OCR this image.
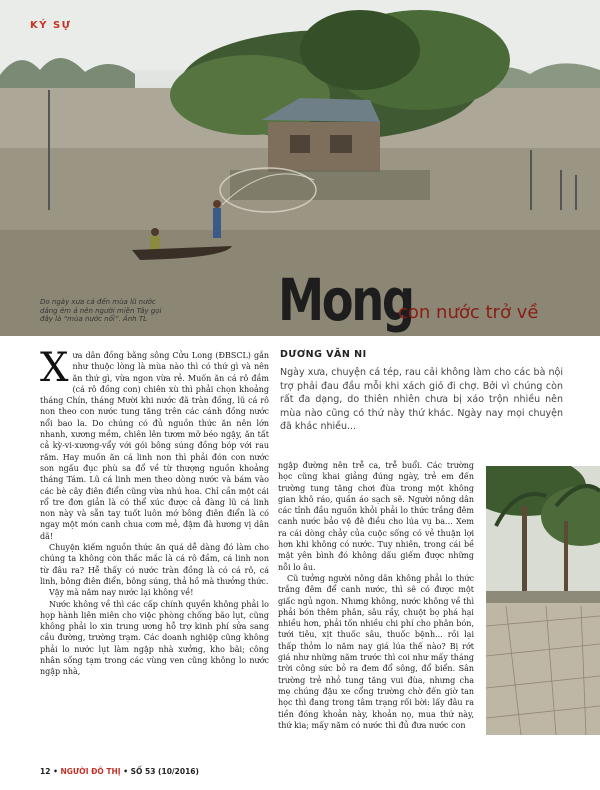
KÝ SỰ
Do ngày xưa cá đến mùa lũ nước dâng êm ả nên người miền Tây gọi đây là “mùa nước nổi”. Ảnh TL Mong
con nước trở về
DƯƠNG VĂN NI
Ngày xưa, chuyện cá tép, rau cải không làm cho các bà nội trợ phải đau đầu mỗi khi xách giỏ đi chợ. Bởi vì chúng còn rất đa dạng, do thiên nhiên chưa bị xáo trộn nhiều nên mùa nào cũng có thứ này thứ khác. Ngày nay mọi chuyện đã khác nhiều...

Xưa dân đồng bằng sông Cửu Long (ĐBSCL) gắn như thuộc lòng là mùa nào thì có thứ gì và nên ăn thứ gì, vừa ngon vừa rẻ. Muốn ăn cá rô đầm (cá rô đồng con) chiên xù thì phải chọn khoảng tháng Chín, tháng Mười khi nước đã tràn đồng, lũ cá rô non theo con nước tung tăng trên các cánh đồng nước nổi bao la. Do chúng có đủ nguồn thức ăn nên lớn nhanh, xương mềm, chiên lên tươm mỡ béo ngậy, ăn tất cả kỳ-vi-xương-vẩy với gói bông súng đồng bóp với rau răm. Hay muốn ăn cá linh non thì phải đón con nước son ngấu đục phù sa đổ về từ thượng nguồn khoảng tháng Tám. Lũ cá linh men theo dòng nước và bám vào các bè cây điên điển cũng vừa nhú hoa. Chỉ cần một cái rổ tre đơn giản là có thể xúc được cả đàng lũ cá linh non này và sẵn tay tuốt luôn mớ bông điên điển là có ngay một món canh chua cơm mẻ, đậm đà hương vị dân dã!

Chuyện kiếm nguồn thức ăn quá dễ dàng đó làm cho chúng ta không còn thắc mắc là cá rô đầm, cá linh non từ đâu ra? Hễ thấy có nước tràn đồng là có cá rô, cá linh, bông điên điển, bông súng, thả hồ mà thưởng thức.

Vậy mà năm nay nước lại không về!

Nước không về thì các cấp chính quyền không phải lo họp hành liên miên cho việc phòng chống bão lụt, cũng không phải lo xin trung ương hỗ trợ kinh phí sửa sang cầu đường, trường trạm. Các doanh nghiệp cũng không phải lo nước lụt làm ngập nhà xưởng, kho bãi; công nhân sống tạm trong các vùng ven cũng không lo nước ngập nhà,

ngập đường nên trễ ca, trễ buổi. Các trường học cũng khai giảng đúng ngày, trẻ em đến trường tung tăng chơi đùa trong một không gian khô ráo, quần áo sạch sẽ. Người nông dân các tỉnh đầu nguồn khỏi phải lo thức trắng đêm canh nước bảo vệ đê điều cho lúa vụ ba... Xem ra cái dòng chảy của cuộc sống có vẻ thuận lợi hơn khi không có nước. Tuy nhiên, trong cái bề mặt yên bình đó không dấu giếm được những nỗi lo âu.

Cũ tưởng người nông dân không phải lo thức trắng đêm để canh nước, thì sẽ có được một giấc ngủ ngon. Nhưng không, nước không về thì phải bón thêm phân, sâu rầy, chuột bọ phá hại nhiều hơn, phải tốn nhiều chi phí cho phân bón, tưới tiêu, xịt thuốc sâu, thuốc bệnh... rồi lại thấp thỏm lo năm nay giá lúa thế nào? Bị rớt giá như những năm trước thì coi như mấy tháng trời công sức bỏ ra đem đổ sông, đổ biển. Sân trường trẻ nhỏ tung tăng vui đùa, nhưng cha mẹ chúng đậu xe cổng trường chờ đến giờ tan học thì đang trong tâm trạng rối bời: lấy đâu ra tiền đóng khoản này, khoản nọ, mua thứ này, thứ kia; mấy năm có nước thì đủ đưa nước con

12 • NGƯỜI ĐÔ THỊ • SỐ 53 (10/2016)
